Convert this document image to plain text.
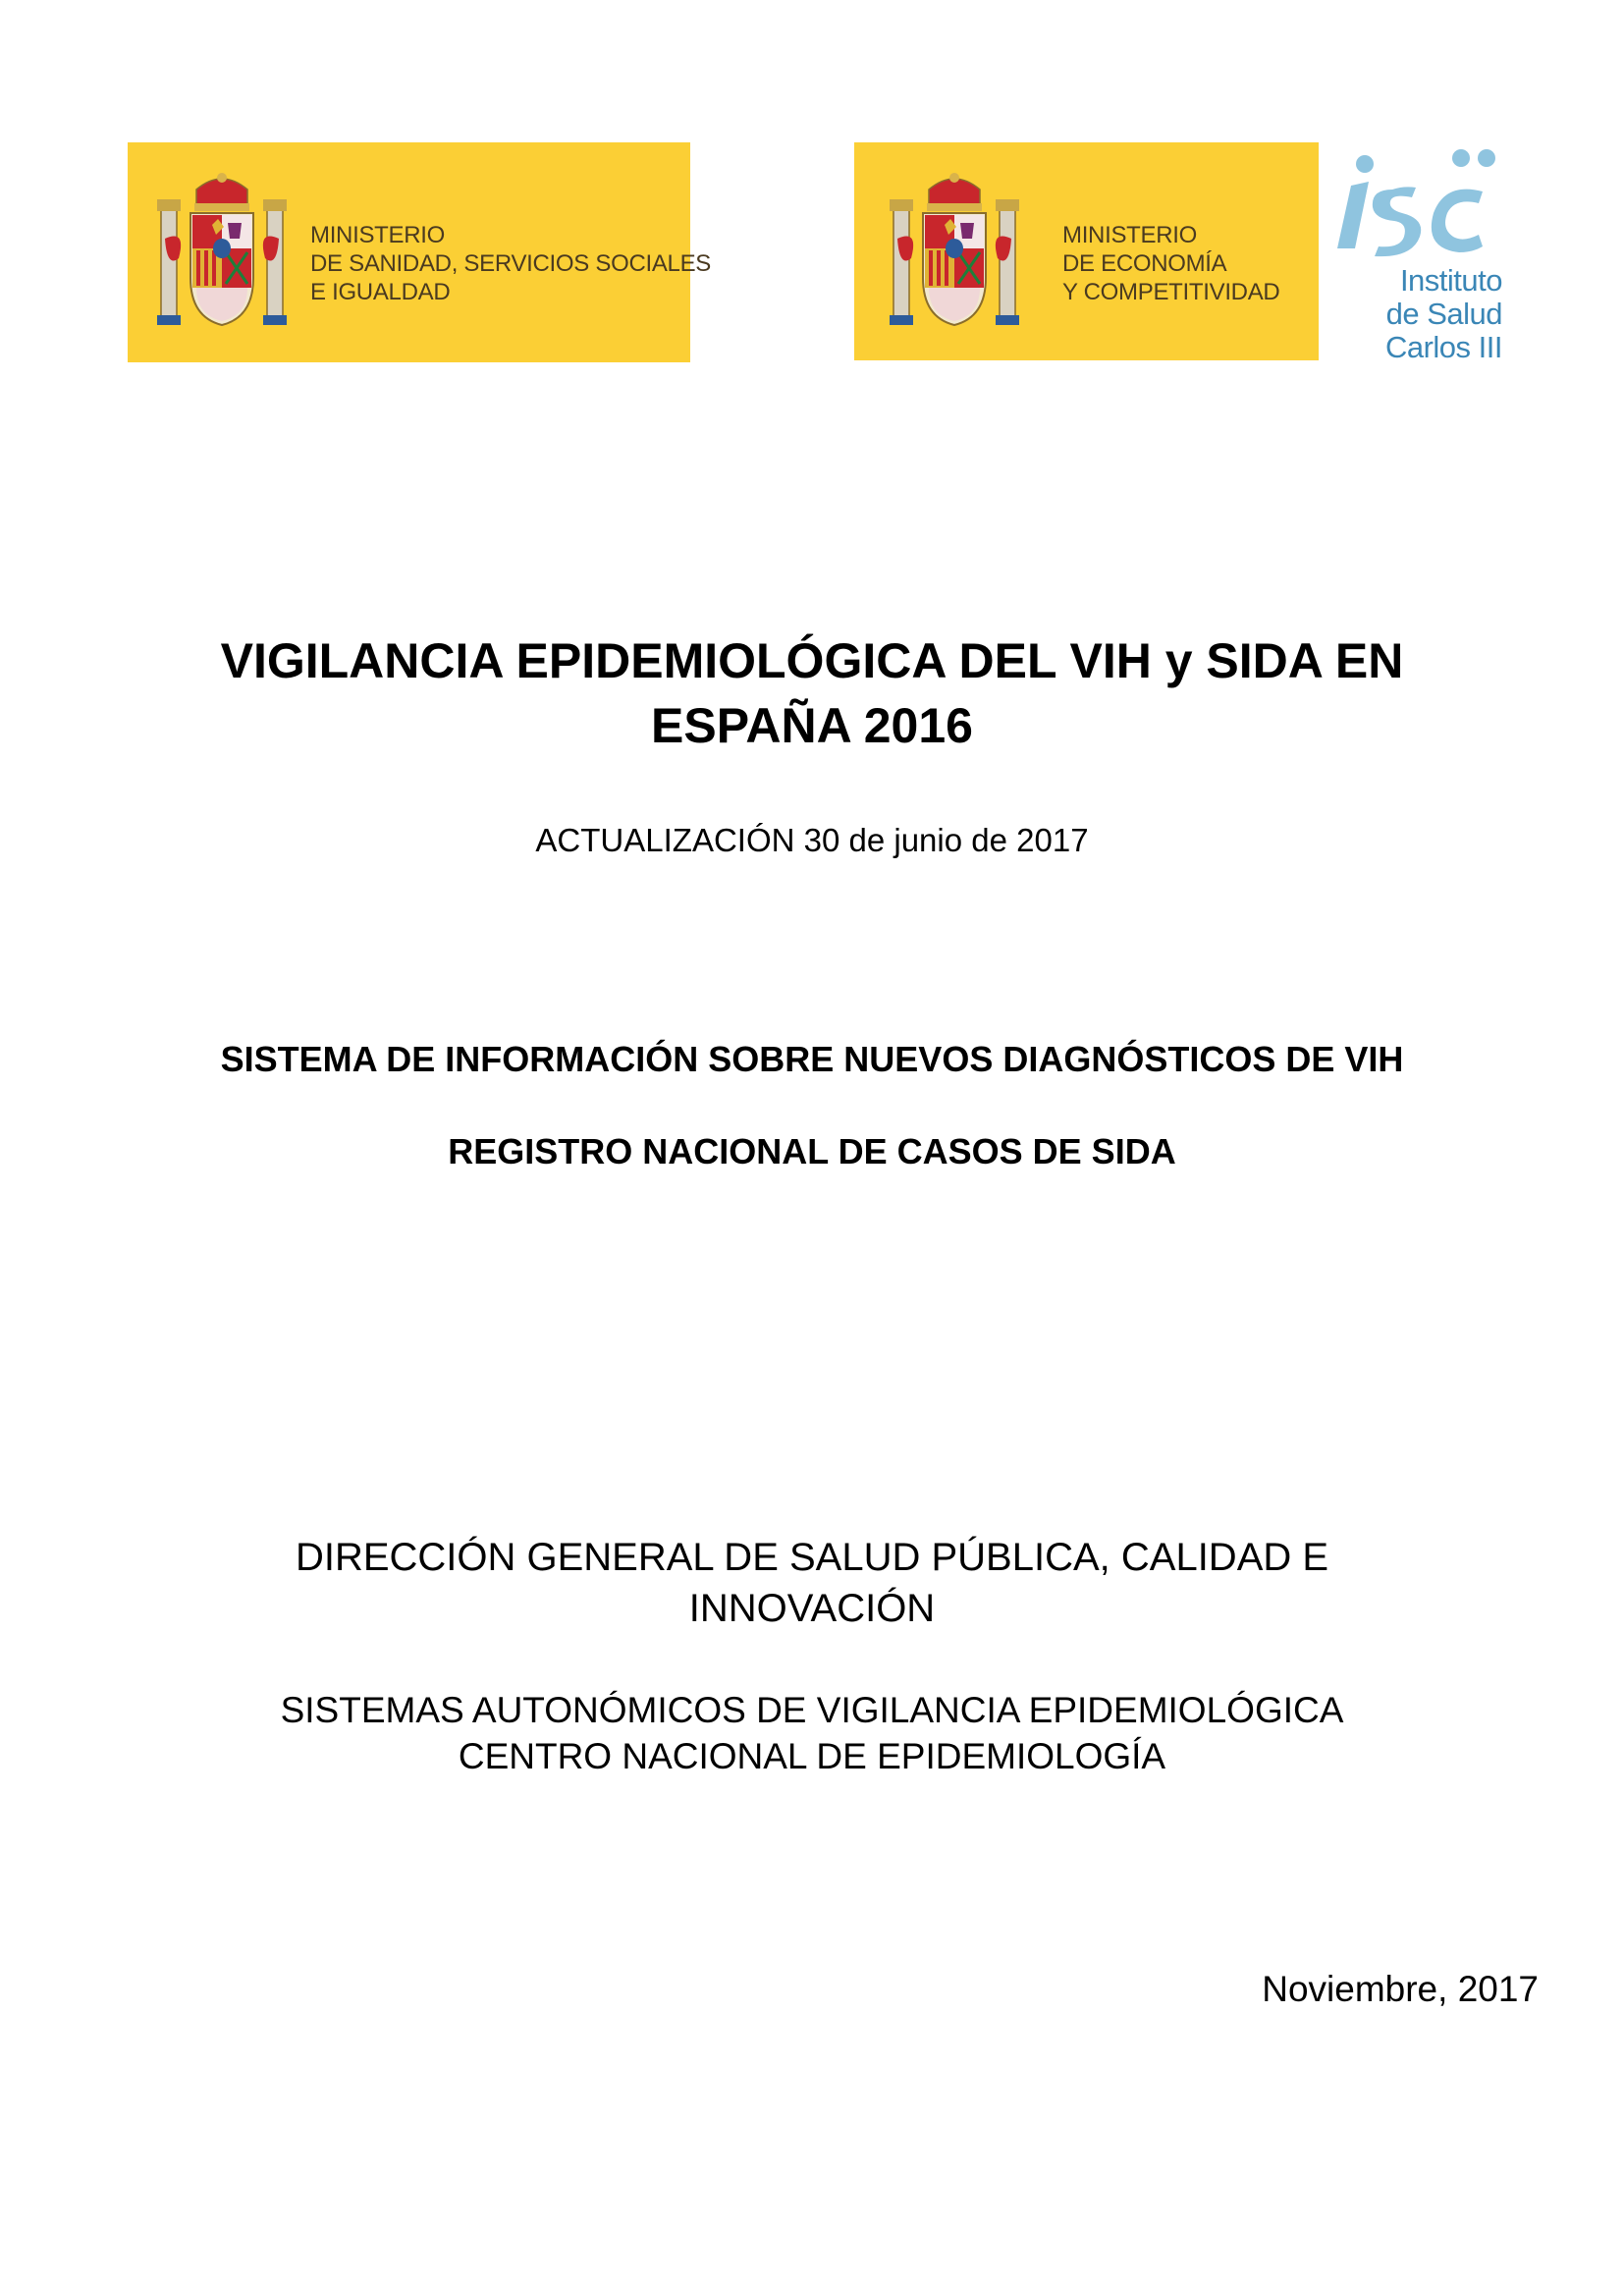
MINISTERIO
DE SANIDAD, SERVICIOS SOCIALES
E IGUALDAD
MINISTERIO
DE ECONOMÍA
Y COMPETITIVIDAD	Instituto
de Salud
Carlos III
VIGILANCIA EPIDEMIOLÓGICA DEL VIH y SIDA EN
ESPAÑA 2016
ACTUALIZACIÓN 30 de junio de 2017
SISTEMA DE INFORMACIÓN SOBRE NUEVOS DIAGNÓSTICOS DE VIH
REGISTRO NACIONAL DE CASOS DE SIDA
DIRECCIÓN GENERAL DE SALUD PÚBLICA, CALIDAD E
INNOVACIÓN
SISTEMAS AUTONÓMICOS DE VIGILANCIA EPIDEMIOLÓGICA
CENTRO NACIONAL DE EPIDEMIOLOGÍA
Noviembre, 2017
